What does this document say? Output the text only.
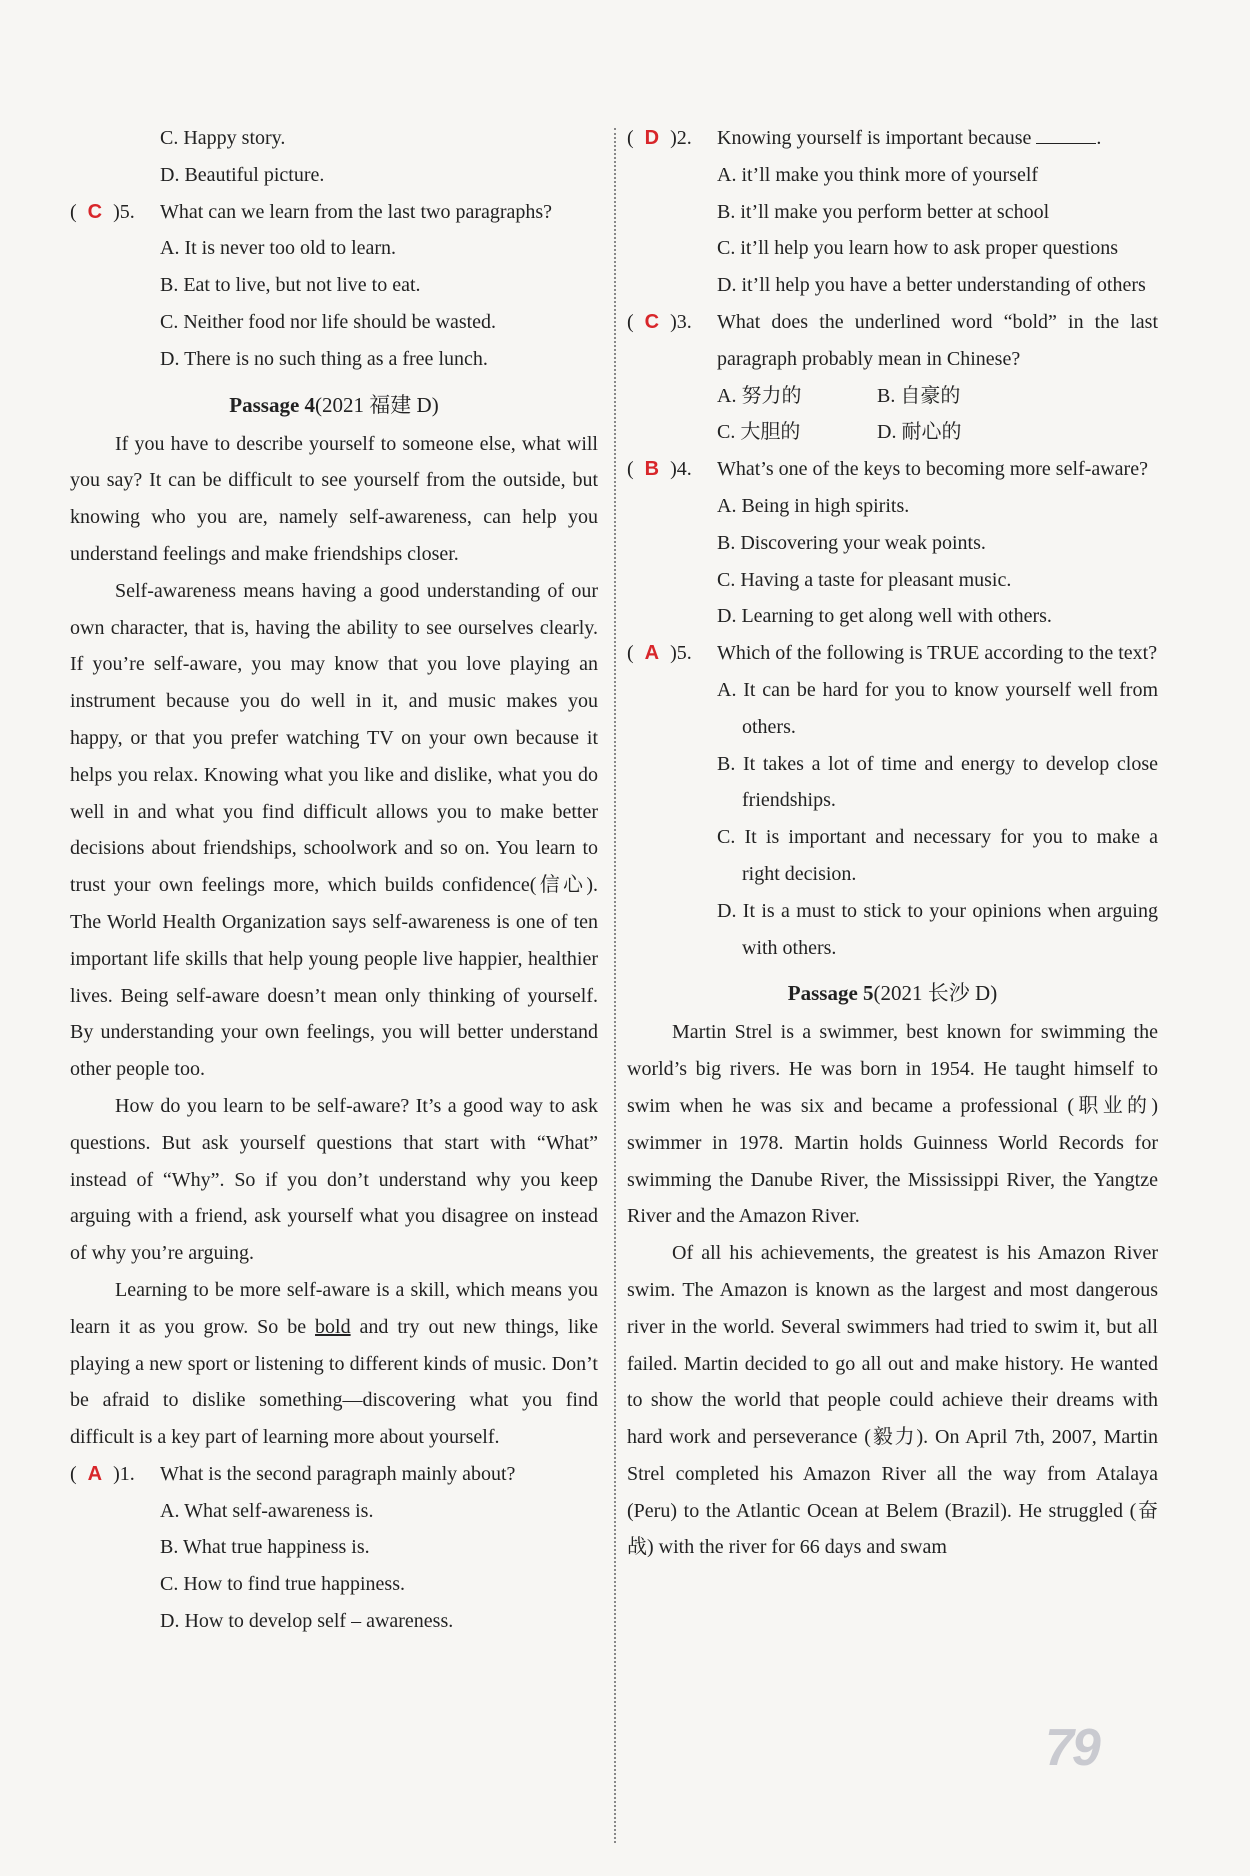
C. Happy story.
D. Beautiful picture.
( C )5.	What can we learn from the last two paragraphs?
A. It is never too old to learn.
B. Eat to live, but not live to eat.
C. Neither food nor life should be wasted.
D. There is no such thing as a free lunch.
Passage 4(2021 福建 D)

If you have to describe yourself to someone else, what will you say? It can be difficult to see yourself from the outside, but knowing who you are, namely self-awareness, can help you understand feelings and make friendships closer.

Self-awareness means having a good understanding of our own character, that is, having the ability to see ourselves clearly. If you’re self-aware, you may know that you love playing an instrument because you do well in it, and music makes you happy, or that you prefer watching TV on your own because it helps you relax. Knowing what you like and dislike, what you do well in and what you find difficult allows you to make better decisions about friendships, schoolwork and so on. You learn to trust your own feelings more, which builds confidence(信心). The World Health Organization says self-awareness is one of ten important life skills that help young people live happier, healthier lives. Being self-aware doesn’t mean only thinking of yourself. By understanding your own feelings, you will better understand other people too.

How do you learn to be self-aware? It’s a good way to ask questions. But ask yourself questions that start with “What” instead of “Why”. So if you don’t understand why you keep arguing with a friend, ask yourself what you disagree on instead of why you’re arguing.

Learning to be more self-aware is a skill, which means you learn it as you grow. So be bold and try out new things, like playing a new sport or listening to different kinds of music. Don’t be afraid to dislike something—discovering what you find difficult is a key part of learning more about yourself.

( A )1.	What is the second paragraph mainly about?
A. What self-awareness is.
B. What true happiness is.
C. How to find true happiness.
D. How to develop self – awareness.
( D )2.	Knowing yourself is important because	.
A. it’ll make you think more of yourself
B. it’ll make you perform better at school
C. it’ll help you learn how to ask proper questions
D. it’ll help you have a better understanding of others
( C )3.	What does the underlined word “bold” in the last paragraph probably mean in Chinese?
A. 努力的	B. 自豪的
C. 大胆的	D. 耐心的
( B )4.	What’s one of the keys to becoming more self-aware?
A. Being in high spirits.
B. Discovering your weak points.
C. Having a taste for pleasant music.
D. Learning to get along well with others.
( A )5.	Which of the following is TRUE according to the text?
A. It can be hard for you to know yourself well from others.
B. It takes a lot of time and energy to develop close friendships.
C. It is important and necessary for you to make a right decision.
D. It is a must to stick to your opinions when arguing with others.
Passage 5(2021 长沙 D)

Martin Strel is a swimmer, best known for swimming the world’s big rivers. He was born in 1954. He taught himself to swim when he was six and became a professional (职业的) swimmer in 1978. Martin holds Guinness World Records for swimming the Danube River, the Mississippi River, the Yangtze River and the Amazon River.

Of all his achievements, the greatest is his Amazon River swim. The Amazon is known as the largest and most dangerous river in the world. Several swimmers had tried to swim it, but all failed. Martin decided to go all out and make history. He wanted to show the world that people could achieve their dreams with hard work and perseverance (毅力). On April 7th, 2007, Martin Strel completed his Amazon River all the way from Atalaya (Peru) to the Atlantic Ocean at Belem (Brazil). He struggled (奋战) with the river for 66 days and swam

79
